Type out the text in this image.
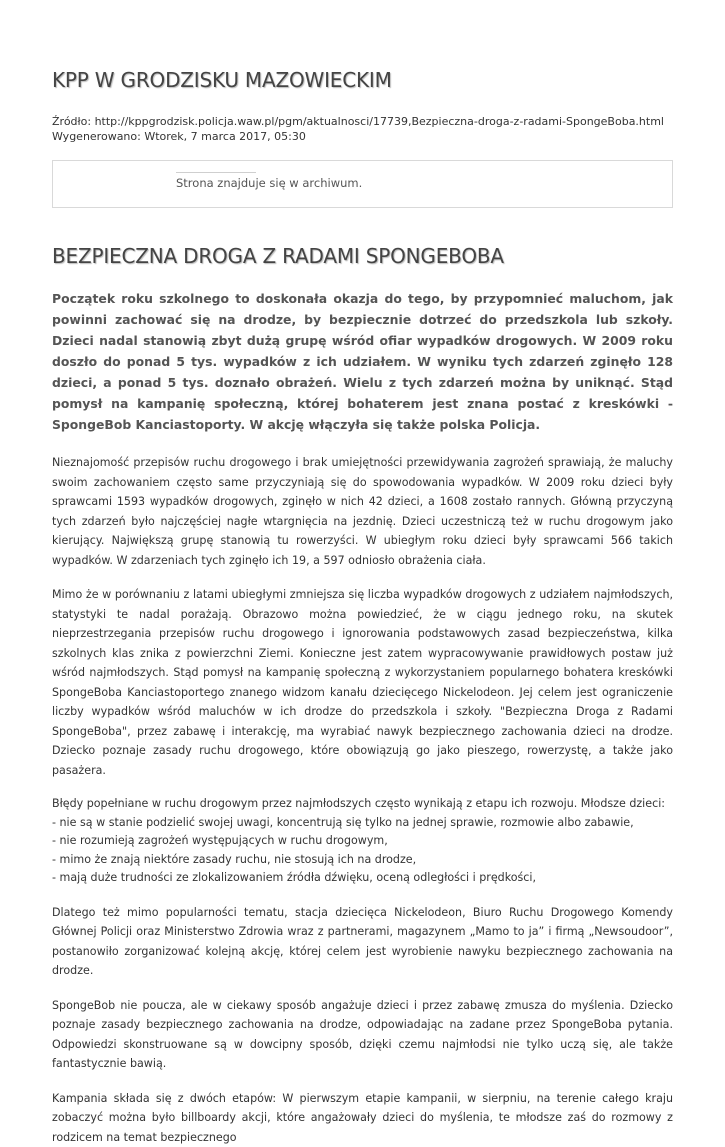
KPP W GRODZISKU MAZOWIECKIM
Źródło: http://kppgrodzisk.policja.waw.pl/pgm/aktualnosci/17739,Bezpieczna-droga-z-radami-SpongeBoba.html
Wygenerowano: Wtorek, 7 marca 2017, 05:30
Strona znajduje się w archiwum.
BEZPIECZNA DROGA Z RADAMI SPONGEBOBA
Początek roku szkolnego to doskonała okazja do tego, by przypomnieć maluchom, jak powinni zachować się na drodze, by bezpiecznie dotrzeć do przedszkola lub szkoły. Dzieci nadal stanowią zbyt dużą grupę wśród ofiar wypadków drogowych. W 2009 roku doszło do ponad 5 tys. wypadków z ich udziałem. W wyniku tych zdarzeń zginęło 128 dzieci, a ponad 5 tys. doznało obrażeń. Wielu z tych zdarzeń można by uniknąć. Stąd pomysł na kampanię społeczną, której bohaterem jest znana postać z kreskówki - SpongeBob Kanciastoporty. W akcję włączyła się także polska Policja.
Nieznajomość przepisów ruchu drogowego i brak umiejętności przewidywania zagrożeń sprawiają, że maluchy swoim zachowaniem często same przyczyniają się do spowodowania wypadków. W 2009 roku dzieci były sprawcami 1593 wypadków drogowych, zginęło w nich 42 dzieci, a 1608 zostało rannych. Główną przyczyną tych zdarzeń było najczęściej nagłe wtargnięcia na jezdnię. Dzieci uczestniczą też w ruchu drogowym jako kierujący. Największą grupę stanowią tu rowerzyści. W ubiegłym roku dzieci były sprawcami 566 takich wypadków. W zdarzeniach tych zginęło ich 19, a 597 odniosło obrażenia ciała.
Mimo że w porównaniu z latami ubiegłymi zmniejsza się liczba wypadków drogowych z udziałem najmłodszych, statystyki te nadal porażają. Obrazowo można powiedzieć, że w ciągu jednego roku, na skutek nieprzestrzegania przepisów ruchu drogowego i ignorowania podstawowych zasad bezpieczeństwa, kilka szkolnych klas znika z powierzchni Ziemi. Konieczne jest zatem wypracowywanie prawidłowych postaw już wśród najmłodszych. Stąd pomysł na kampanię społeczną z wykorzystaniem popularnego bohatera kreskówki SpongeBoba Kanciastoportego znanego widzom kanału dziecięcego Nickelodeon. Jej celem jest ograniczenie liczby wypadków wśród maluchów w ich drodze do przedszkola i szkoły. "Bezpieczna Droga z Radami SpongeBoba", przez zabawę i interakcję, ma wyrabiać nawyk bezpiecznego zachowania dzieci na drodze. Dziecko poznaje zasady ruchu drogowego, które obowiązują go jako pieszego, rowerzystę, a także jako pasażera.
Błędy popełniane w ruchu drogowym przez najmłodszych często wynikają z etapu ich rozwoju. Młodsze dzieci:
- nie są w stanie podzielić swojej uwagi, koncentrują się tylko na jednej sprawie, rozmowie albo zabawie,
- nie rozumieją zagrożeń występujących w ruchu drogowym,
- mimo że znają niektóre zasady ruchu, nie stosują ich na drodze,
- mają duże trudności ze zlokalizowaniem źródła dźwięku, oceną odległości i prędkości,
Dlatego też mimo popularności tematu, stacja dziecięca Nickelodeon, Biuro Ruchu Drogowego Komendy Głównej Policji oraz Ministerstwo Zdrowia wraz z partnerami, magazynem „Mamo to ja” i firmą „Newsoudoor”, postanowiło zorganizować kolejną akcję, której celem jest wyrobienie nawyku bezpiecznego zachowania na drodze.
SpongeBob nie poucza, ale w ciekawy sposób angażuje dzieci i przez zabawę zmusza do myślenia. Dziecko poznaje zasady bezpiecznego zachowania na drodze, odpowiadając na zadane przez SpongeBoba pytania. Odpowiedzi skonstruowane są w dowcipny sposób, dzięki czemu najmłodsi nie tylko uczą się, ale także fantastycznie bawią.
Kampania składa się z dwóch etapów: W pierwszym etapie kampanii, w sierpniu, na terenie całego kraju zobaczyć można było billboardy akcji, które angażowały dzieci do myślenia, te młodsze zaś do rozmowy z rodzicem na temat bezpiecznego
